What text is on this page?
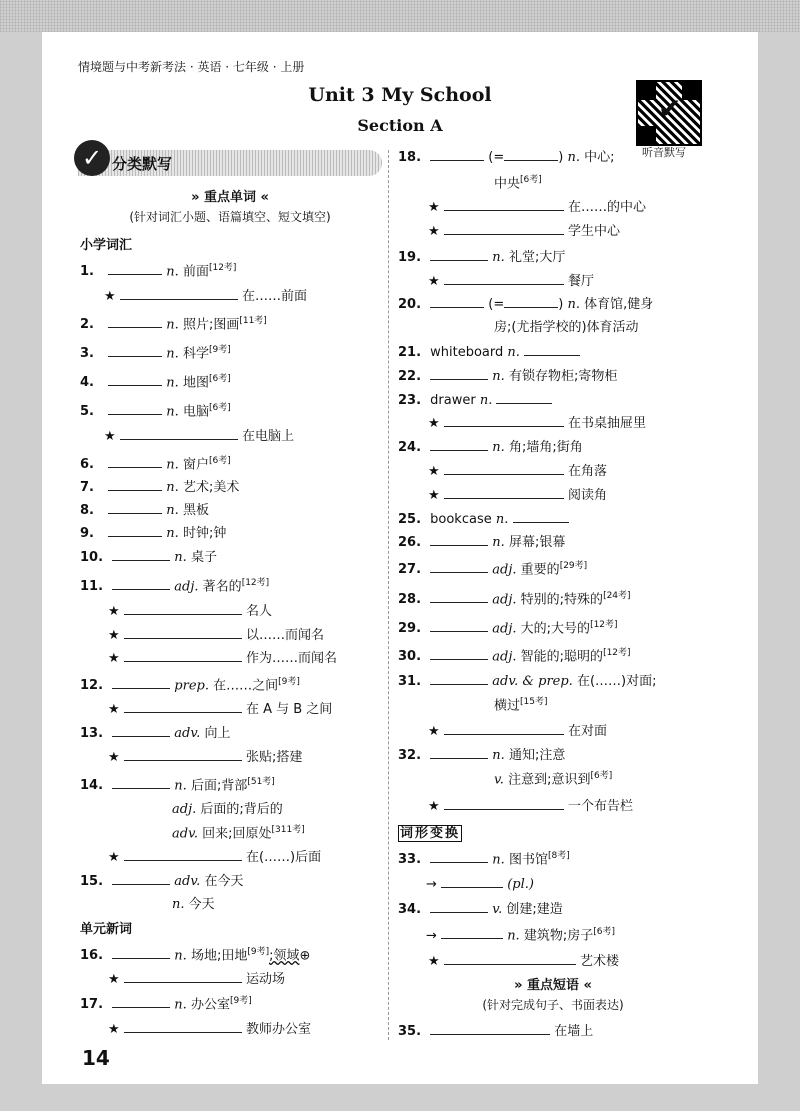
情境题与中考新考法 · 英语 · 七年级 · 上册
Unit 3 My School
Section A
✔
听音默写
✓ 分类默写
» 重点单词 «
(针对词汇小题、语篇填空、短文填空)
小学词汇
1.	n. 前面[12考]
★	在……前面
2.	n. 照片;图画[11考]
3.	n. 科学[9考]
4.	n. 地图[6考]
5.	n. 电脑[6考]
★	在电脑上
6.	n. 窗户[6考]
7.	n. 艺术;美术
8.	n. 黑板
9.	n. 时钟;钟
10.	n. 桌子
11.	adj. 著名的[12考]
★	名人
★	以……而闻名
★	作为……而闻名
12.	prep. 在……之间[9考]
★	在 A 与 B 之间
13.	adv. 向上
★	张贴;搭建
14.	n. 后面;背部[51考]
adj. 后面的;背后的
adv. 回来;回原处[311考]
★	在(……)后面
15.	adv. 在今天
n. 今天
单元新词
16.	n. 场地;田地[9考];领域⊕
★	运动场
17.	n. 办公室[9考]
★	教师办公室
18.	(=	) n. 中心;
中央[6考]
★	在……的中心
★	学生中心
19.	n. 礼堂;大厅
★	餐厅
20.	(=	) n. 体育馆,健身
房;(尤指学校的)体育活动
21. whiteboard n.
22.	n. 有锁存物柜;寄物柜
23. drawer n.
★	在书桌抽屉里
24.	n. 角;墙角;街角
★	在角落
★	阅读角
25. bookcase n.
26.	n. 屏幕;银幕
27.	adj. 重要的[29考]
28.	adj. 特别的;特殊的[24考]
29.	adj. 大的;大号的[12考]
30.	adj. 智能的;聪明的[12考]
31.	adv. & prep. 在(……)对面;
横过[15考]
★	在对面
32.	n. 通知;注意
v. 注意到;意识到[6考]
★	一个布告栏
词形变换
33.	n. 图书馆[8考]
→	(pl.)
34.	v. 创建;建造
→	n. 建筑物;房子[6考]
★	艺术楼
» 重点短语 «
(针对完成句子、书面表达)
35.	在墙上
14
